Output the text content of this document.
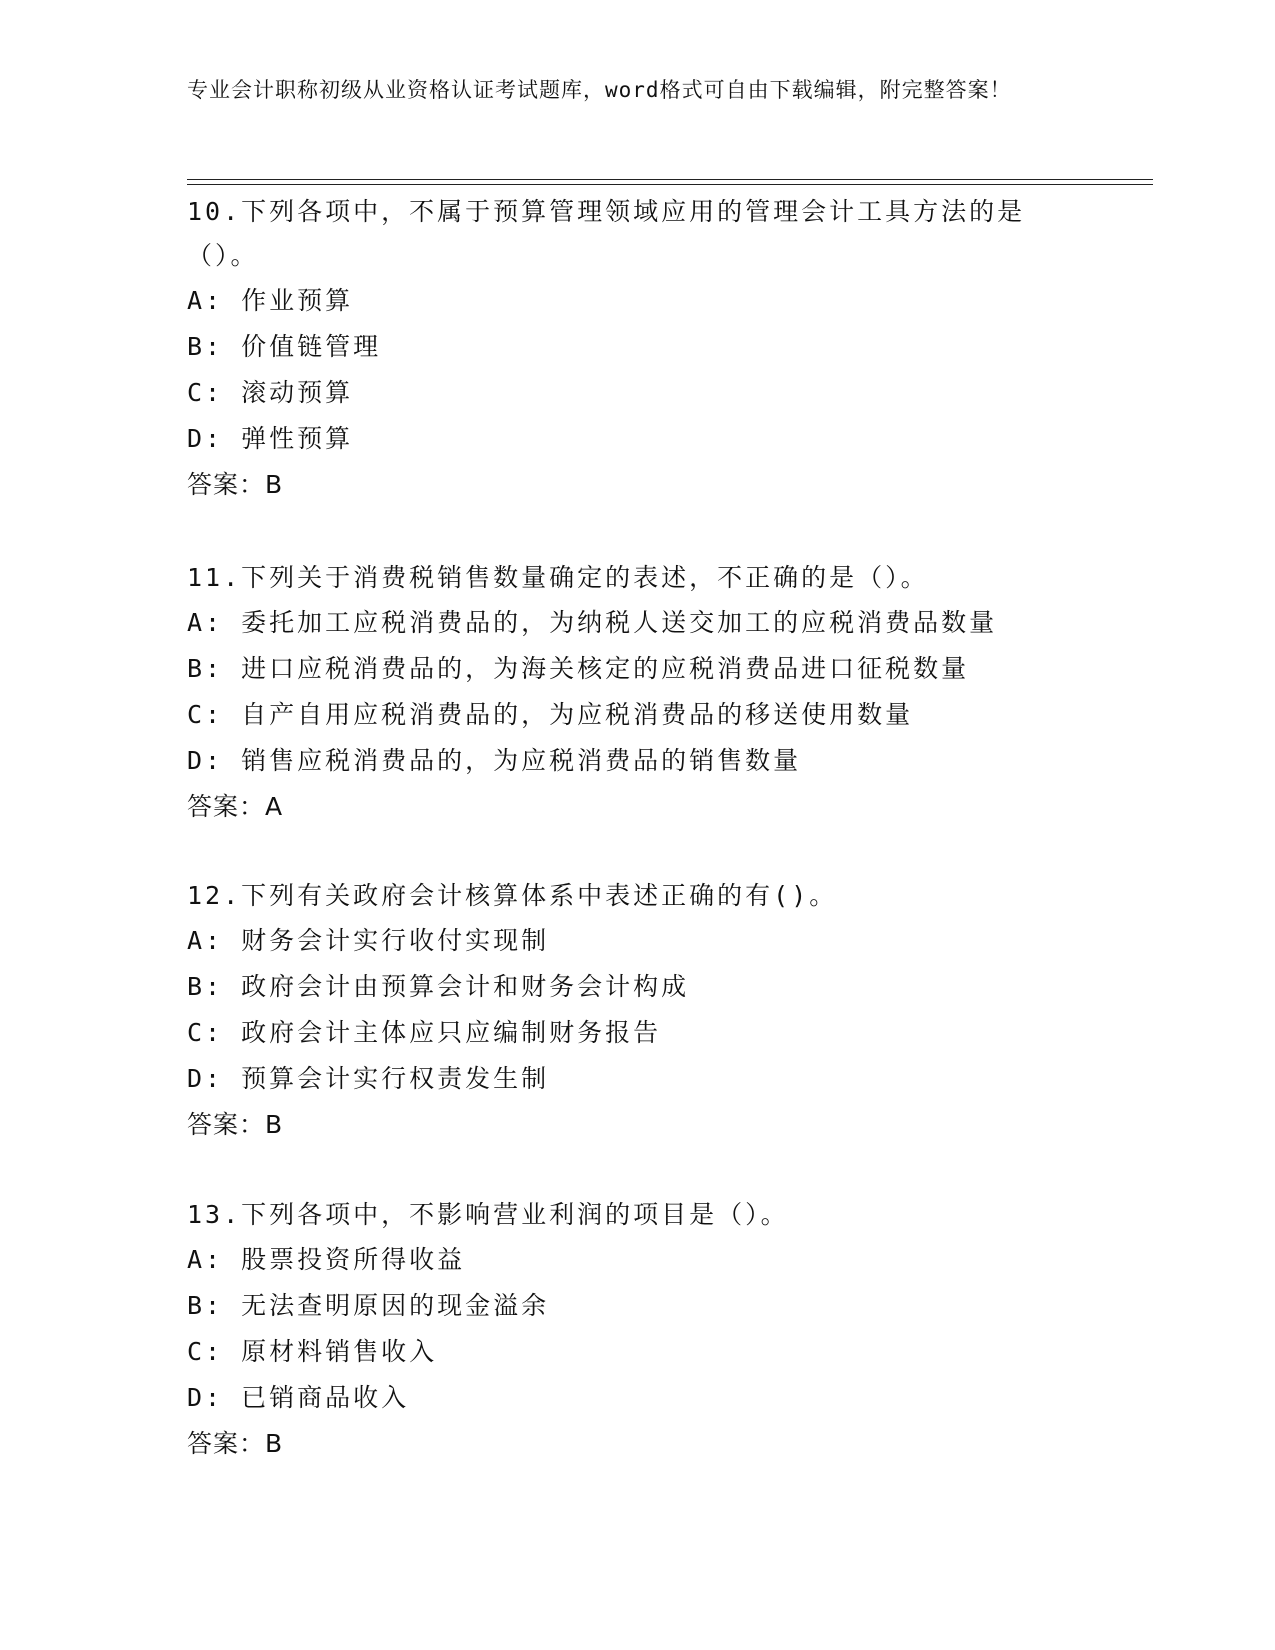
专业会计职称初级从业资格认证考试题库，word格式可自由下载编辑，附完整答案！

10.下列各项中，不属于预算管理领域应用的管理会计工具方法的是（）。

A: 作业预算

B: 价值链管理

C: 滚动预算

D: 弹性预算

答案：B

11.下列关于消费税销售数量确定的表述，不正确的是（）。

A: 委托加工应税消费品的，为纳税人送交加工的应税消费品数量

B: 进口应税消费品的，为海关核定的应税消费品进口征税数量

C: 自产自用应税消费品的，为应税消费品的移送使用数量

D: 销售应税消费品的，为应税消费品的销售数量

答案：A

12.下列有关政府会计核算体系中表述正确的有()。

A: 财务会计实行收付实现制

B: 政府会计由预算会计和财务会计构成

C: 政府会计主体应只应编制财务报告

D: 预算会计实行权责发生制

答案：B

13.下列各项中，不影响营业利润的项目是（）。

A: 股票投资所得收益

B: 无法查明原因的现金溢余

C: 原材料销售收入

D: 已销商品收入

答案：B
